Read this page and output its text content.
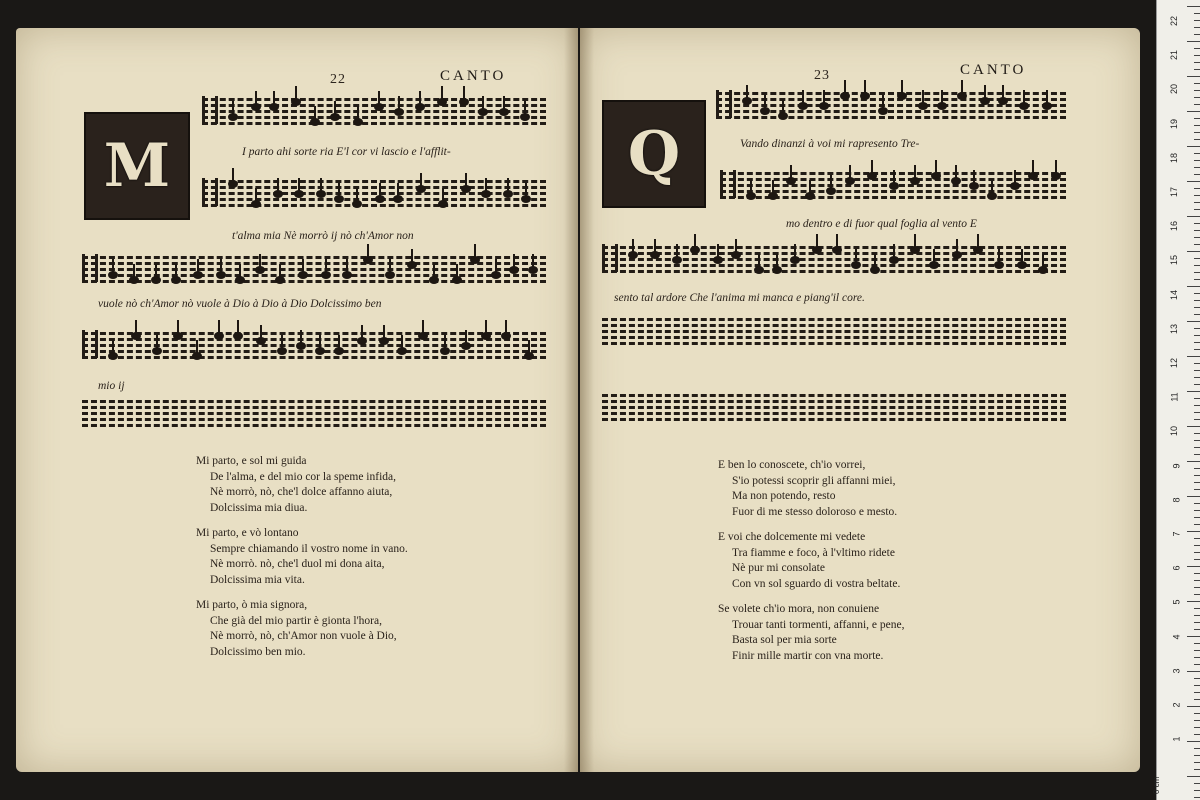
22	CANTO
M	I parto ahi sorte ria E'l cor vi lascio e l'afflit-
t'alma mia Nè morrò ij nò ch'Amor non
vuole nò ch'Amor nò vuole à Dio à Dio à Dio Dolcissimo ben
mio ij
Mi parto, e sol mi guida
De l'alma, e del mio cor la speme infida,
Nè morrò, nò, che'l dolce affanno aiuta,
Dolcissima mia diua.
Mi parto, e vò lontano
Sempre chiamando il vostro nome in vano.
Nè morrò. nò, che'l duol mi dona aita,
Dolcissima mia vita.
Mi parto, ò mia signora,
Che già del mio partir è gionta l'hora,
Nè morrò, nò, ch'Amor non vuole à Dio,
Dolcissimo ben mio.
23	CANTO
Q	Vando dinanzi à voi mi rapresento Tre-
mo dentro e di fuor qual foglia al vento E
sento tal ardore Che l'anima mi manca e piang'il core.
E ben lo conoscete, ch'io vorrei,
S'io potessi scoprir gli affanni miei,
Ma non potendo, resto
Fuor di me stesso doloroso e mesto.
E voi che dolcemente mi vedete
Tra fiamme e foco, à l'vltimo ridete
Nè pur mi consolate
Con vn sol sguardo di vostra beltate.
Se volete ch'io mora, non conuiene
Trouar tanti tormenti, affanni, e pene,
Basta sol per mia sorte
Finir mille martir con vna morte.
0 cm
22
21
20
19
18
17
16
15
14
13
12
11
10
9
8
7
6
5
4
3
2
1
